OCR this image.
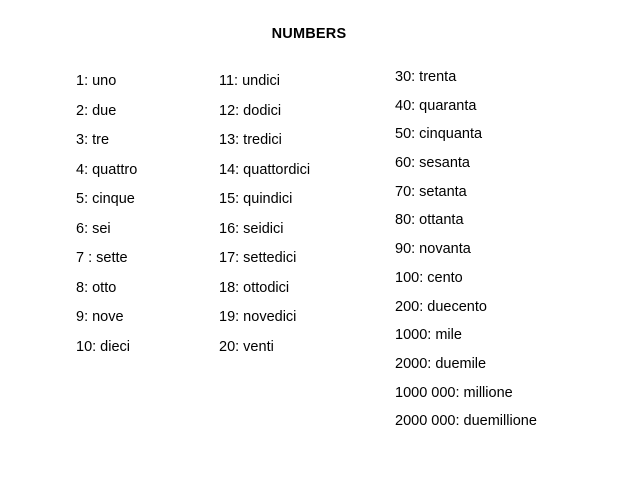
NUMBERS
1: uno
2: due
3: tre
4: quattro
5: cinque
6: sei
7 : sette
8: otto
9: nove
10: dieci
11: undici
12: dodici
13: tredici
14: quattordici
15: quindici
16: seidici
17: settedici
18: ottodici
19: novedici
20: venti
30: trenta
40: quaranta
50: cinquanta
60: sesanta
70: setanta
80: ottanta
90: novanta
100: cento
200: duecento
1000: mile
2000: duemile
1000 000: millione
2000 000: duemillione
